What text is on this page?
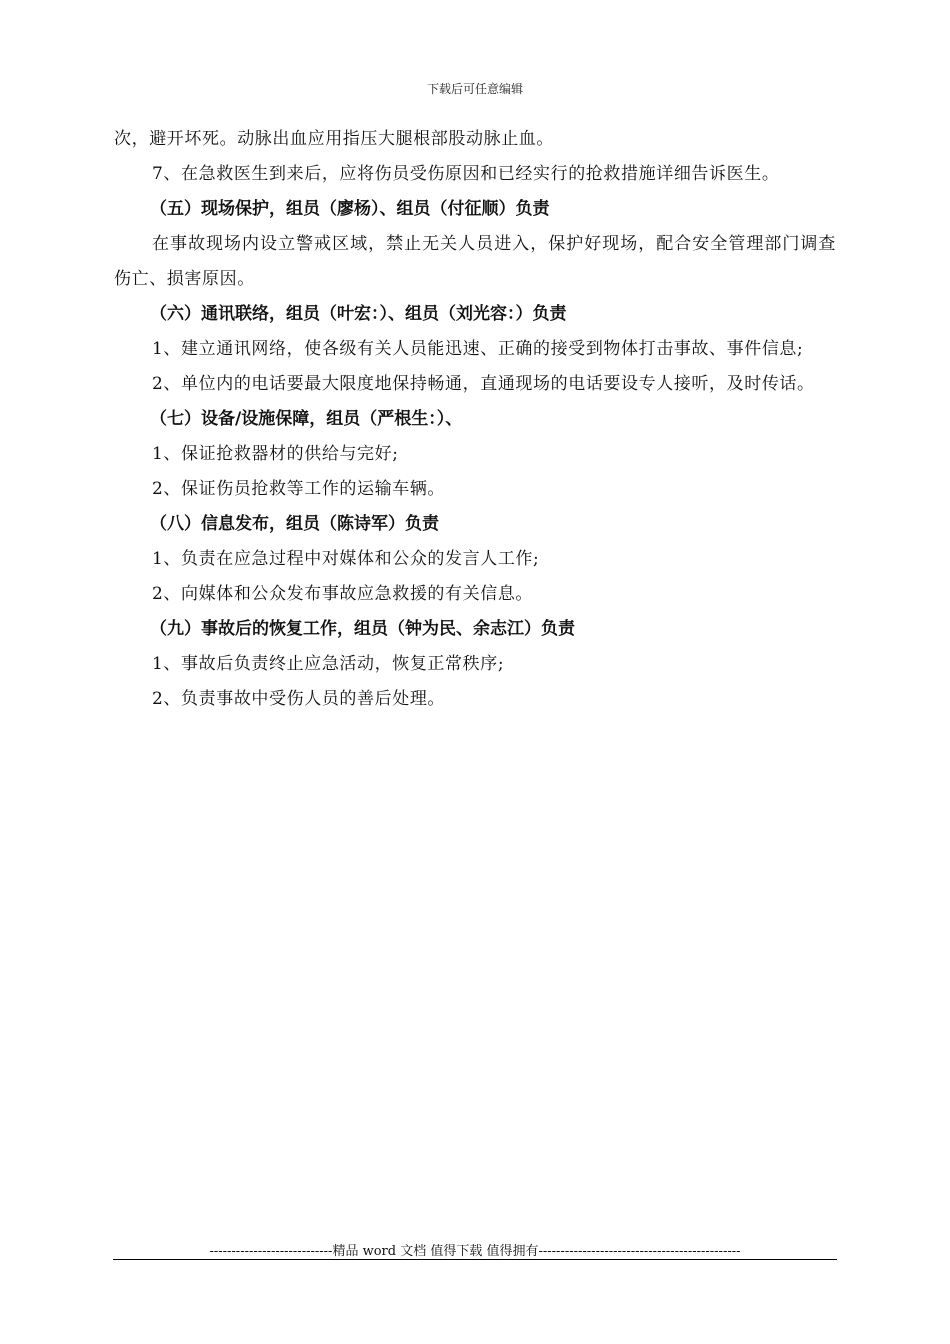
下载后可任意编辑

次，避开坏死。动脉出血应用指压大腿根部股动脉止血。

7、在急救医生到来后，应将伤员受伤原因和已经实行的抢救措施详细告诉医生。

（五）现场保护，组员（廖杨）、组员（付征顺）负责

在事故现场内设立警戒区域，禁止无关人员进入，保护好现场，配合安全管理部门调查伤亡、损害原因。

（六）通讯联络，组员（叶宏：）、组员（刘光容：）负责

1、建立通讯网络，使各级有关人员能迅速、正确的接受到物体打击事故、事件信息;

2、单位内的电话要最大限度地保持畅通，直通现场的电话要设专人接听，及时传话。

（七）设备/设施保障，组员（严根生：）、

1、保证抢救器材的供给与完好;

2、保证伤员抢救等工作的运输车辆。

（八）信息发布，组员（陈诗军）负责

1、负责在应急过程中对媒体和公众的发言人工作;

2、向媒体和公众发布事故应急救援的有关信息。

（九）事故后的恢复工作，组员（钟为民、余志江）负责

1、事故后负责终止应急活动，恢复正常秩序;

2、负责事故中受伤人员的善后处理。

----------------------------精品 word 文档 值得下载 值得拥有----------------------------------------------
